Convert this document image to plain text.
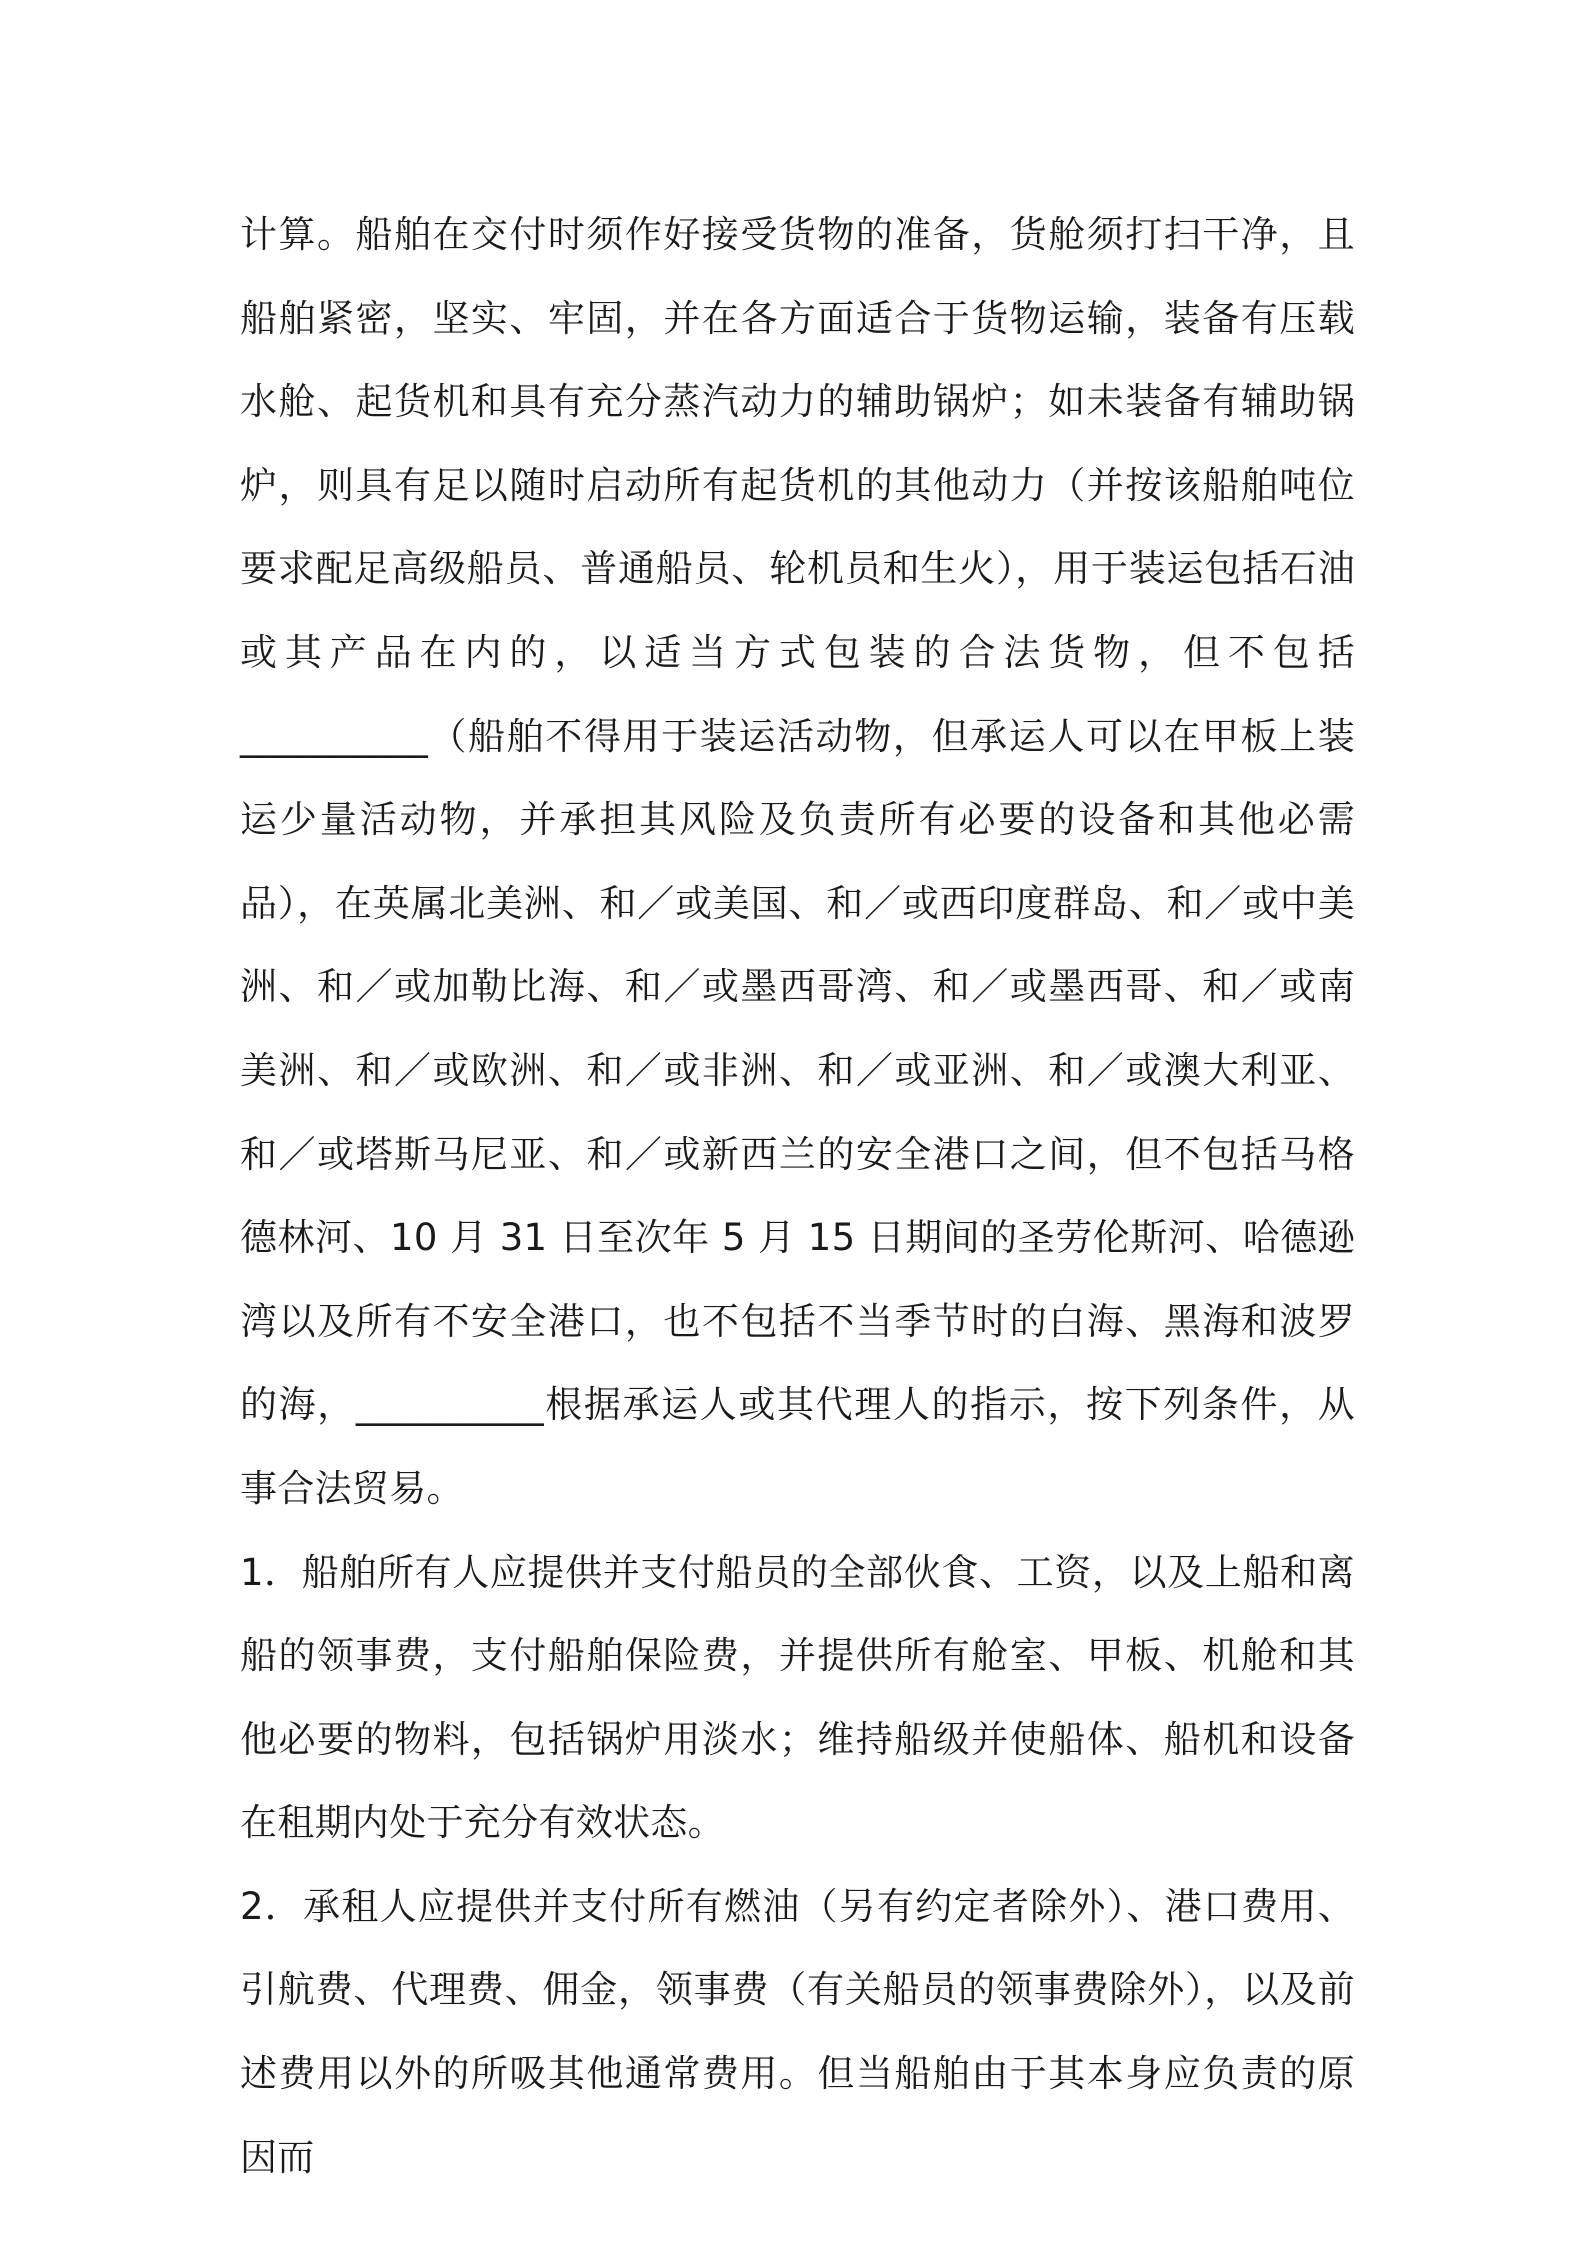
计算。船舶在交付时须作好接受货物的准备，货舱须打扫干净，且船舶紧密，坚实、牢固，并在各方面适合于货物运输，装备有压载水舱、起货机和具有充分蒸汽动力的辅助锅炉；如未装备有辅助锅炉，则具有足以随时启动所有起货机的其他动力（并按该船舶吨位要求配足高级船员、普通船员、轮机员和生火），用于装运包括石油或其产品在内的，以适当方式包装的合法货物，但不包括__________（船舶不得用于装运活动物，但承运人可以在甲板上装运少量活动物，并承担其风险及负责所有必要的设备和其他必需品），在英属北美洲、和／或美国、和／或西印度群岛、和／或中美洲、和／或加勒比海、和／或墨西哥湾、和／或墨西哥、和／或南美洲、和／或欧洲、和／或非洲、和／或亚洲、和／或澳大利亚、和／或塔斯马尼亚、和／或新西兰的安全港口之间，但不包括马格德林河、10 月 31 日至次年 5 月 15 日期间的圣劳伦斯河、哈德逊湾以及所有不安全港口，也不包括不当季节时的白海、黑海和波罗的海，__________根据承运人或其代理人的指示，按下列条件，从事合法贸易。

1．船舶所有人应提供并支付船员的全部伙食、工资，以及上船和离船的领事费，支付船舶保险费，并提供所有舱室、甲板、机舱和其他必要的物料，包括锅炉用淡水；维持船级并使船体、船机和设备在租期内处于充分有效状态。

2．承租人应提供并支付所有燃油（另有约定者除外）、港口费用、引航费、代理费、佣金，领事费（有关船员的领事费除外），以及前述费用以外的所吸其他通常费用。但当船舶由于其本身应负责的原因而
